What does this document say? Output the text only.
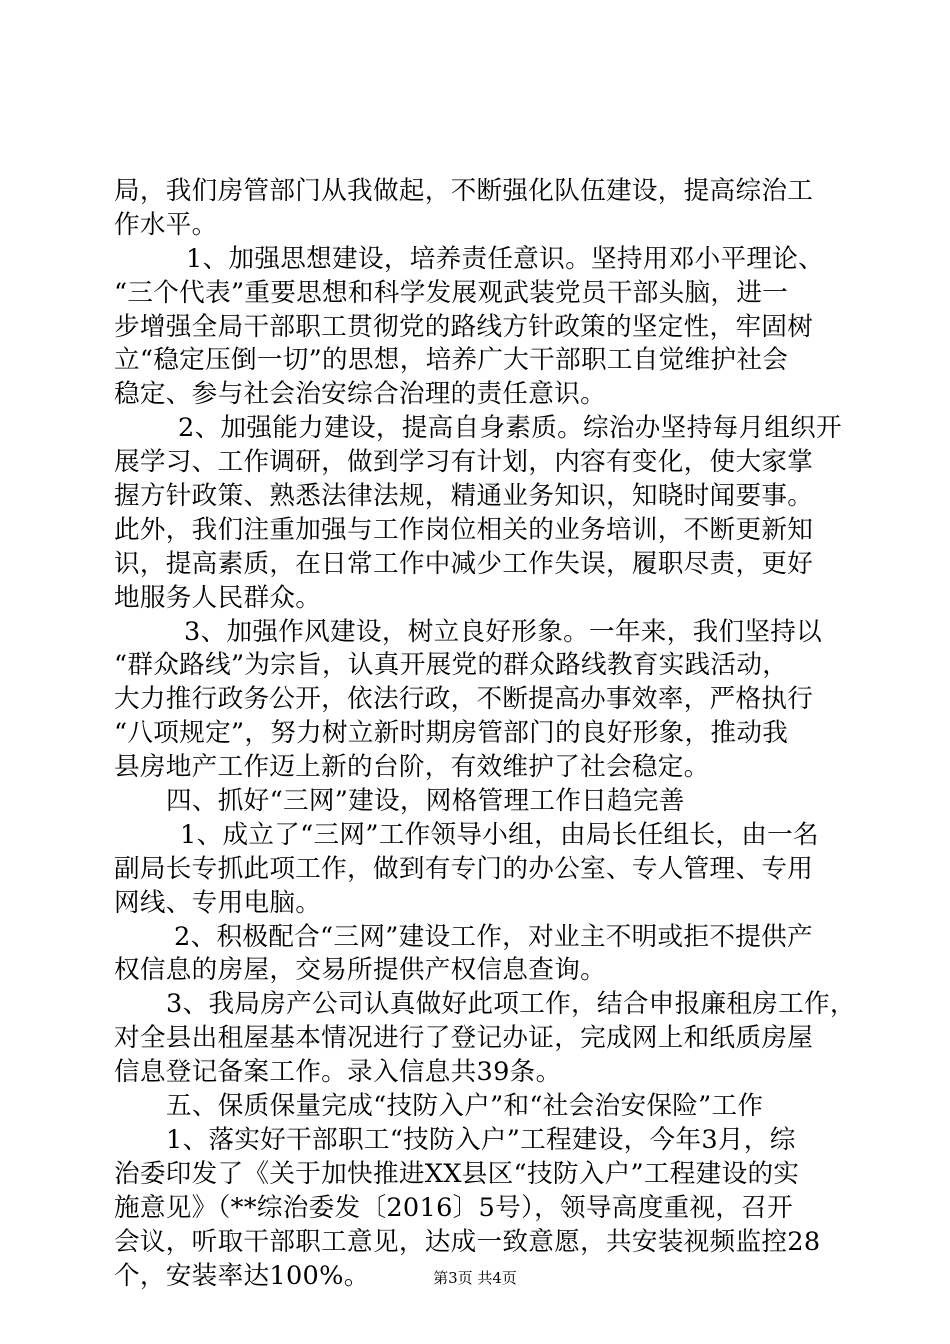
局，我们房管部门从我做起，不断强化队伍建设，提高综治工
作水平。
1、加强思想建设，培养责任意识。坚持用邓小平理论、
“三个代表”重要思想和科学发展观武装党员干部头脑，进一
步增强全局干部职工贯彻党的路线方针政策的坚定性，牢固树
立“稳定压倒一切”的思想，培养广大干部职工自觉维护社会
稳定、参与社会治安综合治理的责任意识。
2、加强能力建设，提高自身素质。综治办坚持每月组织开
展学习、工作调研，做到学习有计划，内容有变化，使大家掌
握方针政策、熟悉法律法规，精通业务知识，知晓时闻要事。
此外，我们注重加强与工作岗位相关的业务培训，不断更新知
识，提高素质，在日常工作中减少工作失误，履职尽责，更好
地服务人民群众。
3、加强作风建设，树立良好形象。一年来，我们坚持以
“群众路线”为宗旨，认真开展党的群众路线教育实践活动，
大力推行政务公开，依法行政，不断提高办事效率，严格执行
“八项规定”，努力树立新时期房管部门的良好形象，推动我
县房地产工作迈上新的台阶，有效维护了社会稳定。
四、抓好“三网”建设，网格管理工作日趋完善
1、成立了“三网”工作领导小组，由局长任组长，由一名
副局长专抓此项工作，做到有专门的办公室、专人管理、专用
网线、专用电脑。
2、积极配合“三网”建设工作，对业主不明或拒不提供产
权信息的房屋，交易所提供产权信息查询。
3、我局房产公司认真做好此项工作，结合申报廉租房工作，
对全县出租屋基本情况进行了登记办证，完成网上和纸质房屋
信息登记备案工作。录入信息共39条。
五、保质保量完成“技防入户”和“社会治安保险”工作
1、落实好干部职工“技防入户”工程建设，今年3月，综
治委印发了《关于加快推进XX县区“技防入户”工程建设的实
施意见》（**综治委发〔2016〕5号），领导高度重视，召开
会议，听取干部职工意见，达成一致意愿，共安装视频监控28
个，安装率达100%。	第3页 共4页
